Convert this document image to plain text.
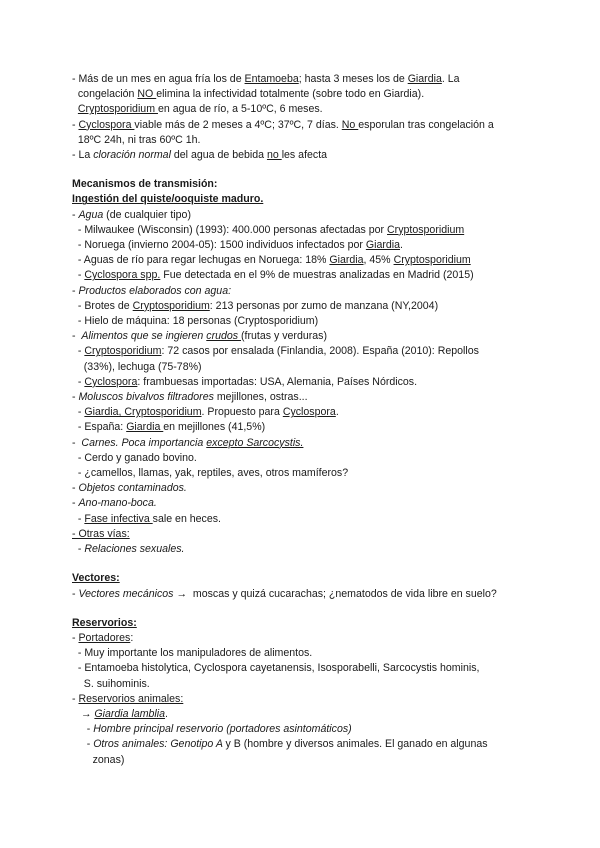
- Más de un mes en agua fría los de Entamoeba; hasta 3 meses los de Giardia. La
congelación NO elimina la infectividad totalmente (sobre todo en Giardia).
Cryptosporidium en agua de río, a 5-10ºC, 6 meses.
- Cyclospora viable más de 2 meses a 4ºC; 37ºC, 7 días. No esporulan tras congelación a
18ºC 24h, ni tras 60ºC 1h.
- La cloración normal del agua de bebida no les afecta
Mecanismos de transmisión:
Ingestión del quiste/ooquiste maduro.
- Agua (de cualquier tipo)
- Milwaukee (Wisconsin) (1993): 400.000 personas afectadas por Cryptosporidium
- Noruega (invierno 2004-05): 1500 individuos infectados por Giardia.
- Aguas de río para regar lechugas en Noruega: 18% Giardia, 45% Cryptosporidium
- Cyclospora spp. Fue detectada en el 9% de muestras analizadas en Madrid (2015)
- Productos elaborados con agua:
- Brotes de Cryptosporidium: 213 personas por zumo de manzana (NY,2004)
- Hielo de máquina: 18 personas (Cryptosporidium)
-  Alimentos que se ingieren crudos (frutas y verduras)
- Cryptosporidium: 72 casos por ensalada (Finlandia, 2008). España (2010): Repollos
(33%), lechuga (75-78%)
- Cyclospora: frambuesas importadas: USA, Alemania, Países Nórdicos.
- Moluscos bivalvos filtradores mejillones, ostras...
- Giardia, Cryptosporidium. Propuesto para Cyclospora.
- España: Giardia en mejillones (41,5%)
-  Carnes. Poca importancia excepto Sarcocystis.
- Cerdo y ganado bovino.
- ¿camellos, llamas, yak, reptiles, aves, otros mamíferos?
- Objetos contaminados.
- Ano-mano-boca.
- Fase infectiva sale en heces.
- Otras vías:
- Relaciones sexuales.
Vectores:
- Vectores mecánicos →  moscas y quizá cucarachas; ¿nematodos de vida libre en suelo?
Reservorios:
- Portadores:
- Muy importante los manipuladores de alimentos.
- Entamoeba histolytica, Cyclospora cayetanensis, Isosporabelli, Sarcocystis hominis,
S. suihominis.
- Reservorios animales:
→ Giardia lamblia.
- Hombre principal reservorio (portadores asintomáticos)
- Otros animales: Genotipo A y B (hombre y diversos animales. El ganado en algunas
zonas)
